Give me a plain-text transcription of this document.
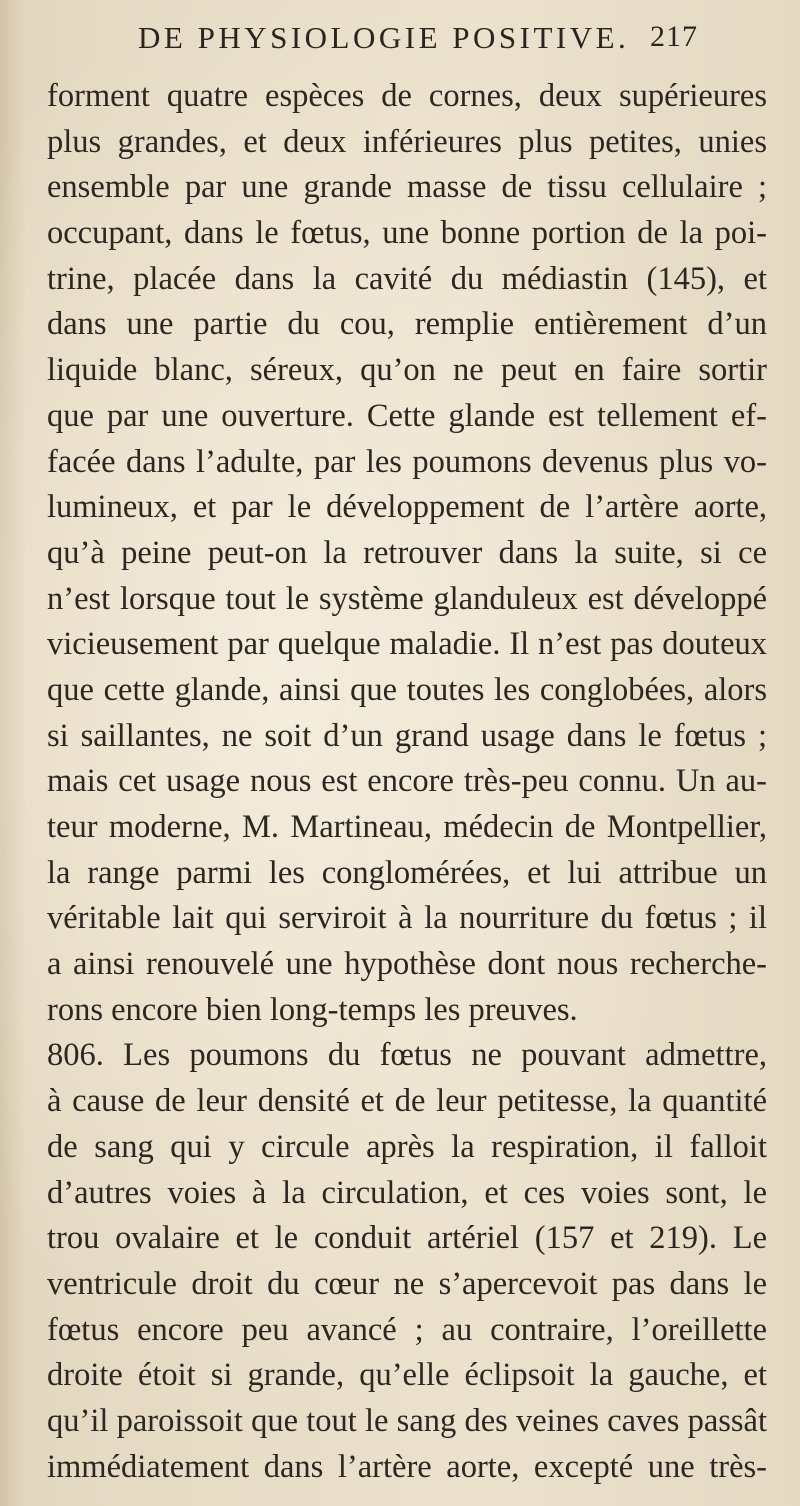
DE PHYSIOLOGIE POSITIVE. 217
forment quatre espèces de cornes, deux supérieures
plus grandes, et deux inférieures plus petites, unies
ensemble par une grande masse de tissu cellulaire ;
occupant, dans le fœtus, une bonne portion de la poi-
trine, placée dans la cavité du médiastin (145), et
dans une partie du cou, remplie entièrement d’un
liquide blanc, séreux, qu’on ne peut en faire sortir
que par une ouverture. Cette glande est tellement ef-
facée dans l’adulte, par les poumons devenus plus vo-
lumineux, et par le développement de l’artère aorte,
qu’à peine peut-on la retrouver dans la suite, si ce
n’est lorsque tout le système glanduleux est développé
vicieusement par quelque maladie. Il n’est pas douteux
que cette glande, ainsi que toutes les conglobées, alors
si saillantes, ne soit d’un grand usage dans le fœtus ;
mais cet usage nous est encore très-peu connu. Un au-
teur moderne, M. Martineau, médecin de Montpellier,
la range parmi les conglomérées, et lui attribue un
véritable lait qui serviroit à la nourriture du fœtus ; il
a ainsi renouvelé une hypothèse dont nous recherche-
rons encore bien long-temps les preuves.
806. Les poumons du fœtus ne pouvant admettre,
à cause de leur densité et de leur petitesse, la quantité
de sang qui y circule après la respiration, il falloit
d’autres voies à la circulation, et ces voies sont, le
trou ovalaire et le conduit artériel (157 et 219). Le
ventricule droit du cœur ne s’apercevoit pas dans le
fœtus encore peu avancé ; au contraire, l’oreillette
droite étoit si grande, qu’elle éclipsoit la gauche, et
qu’il paroissoit que tout le sang des veines caves passât
immédiatement dans l’artère aorte, excepté une très-
